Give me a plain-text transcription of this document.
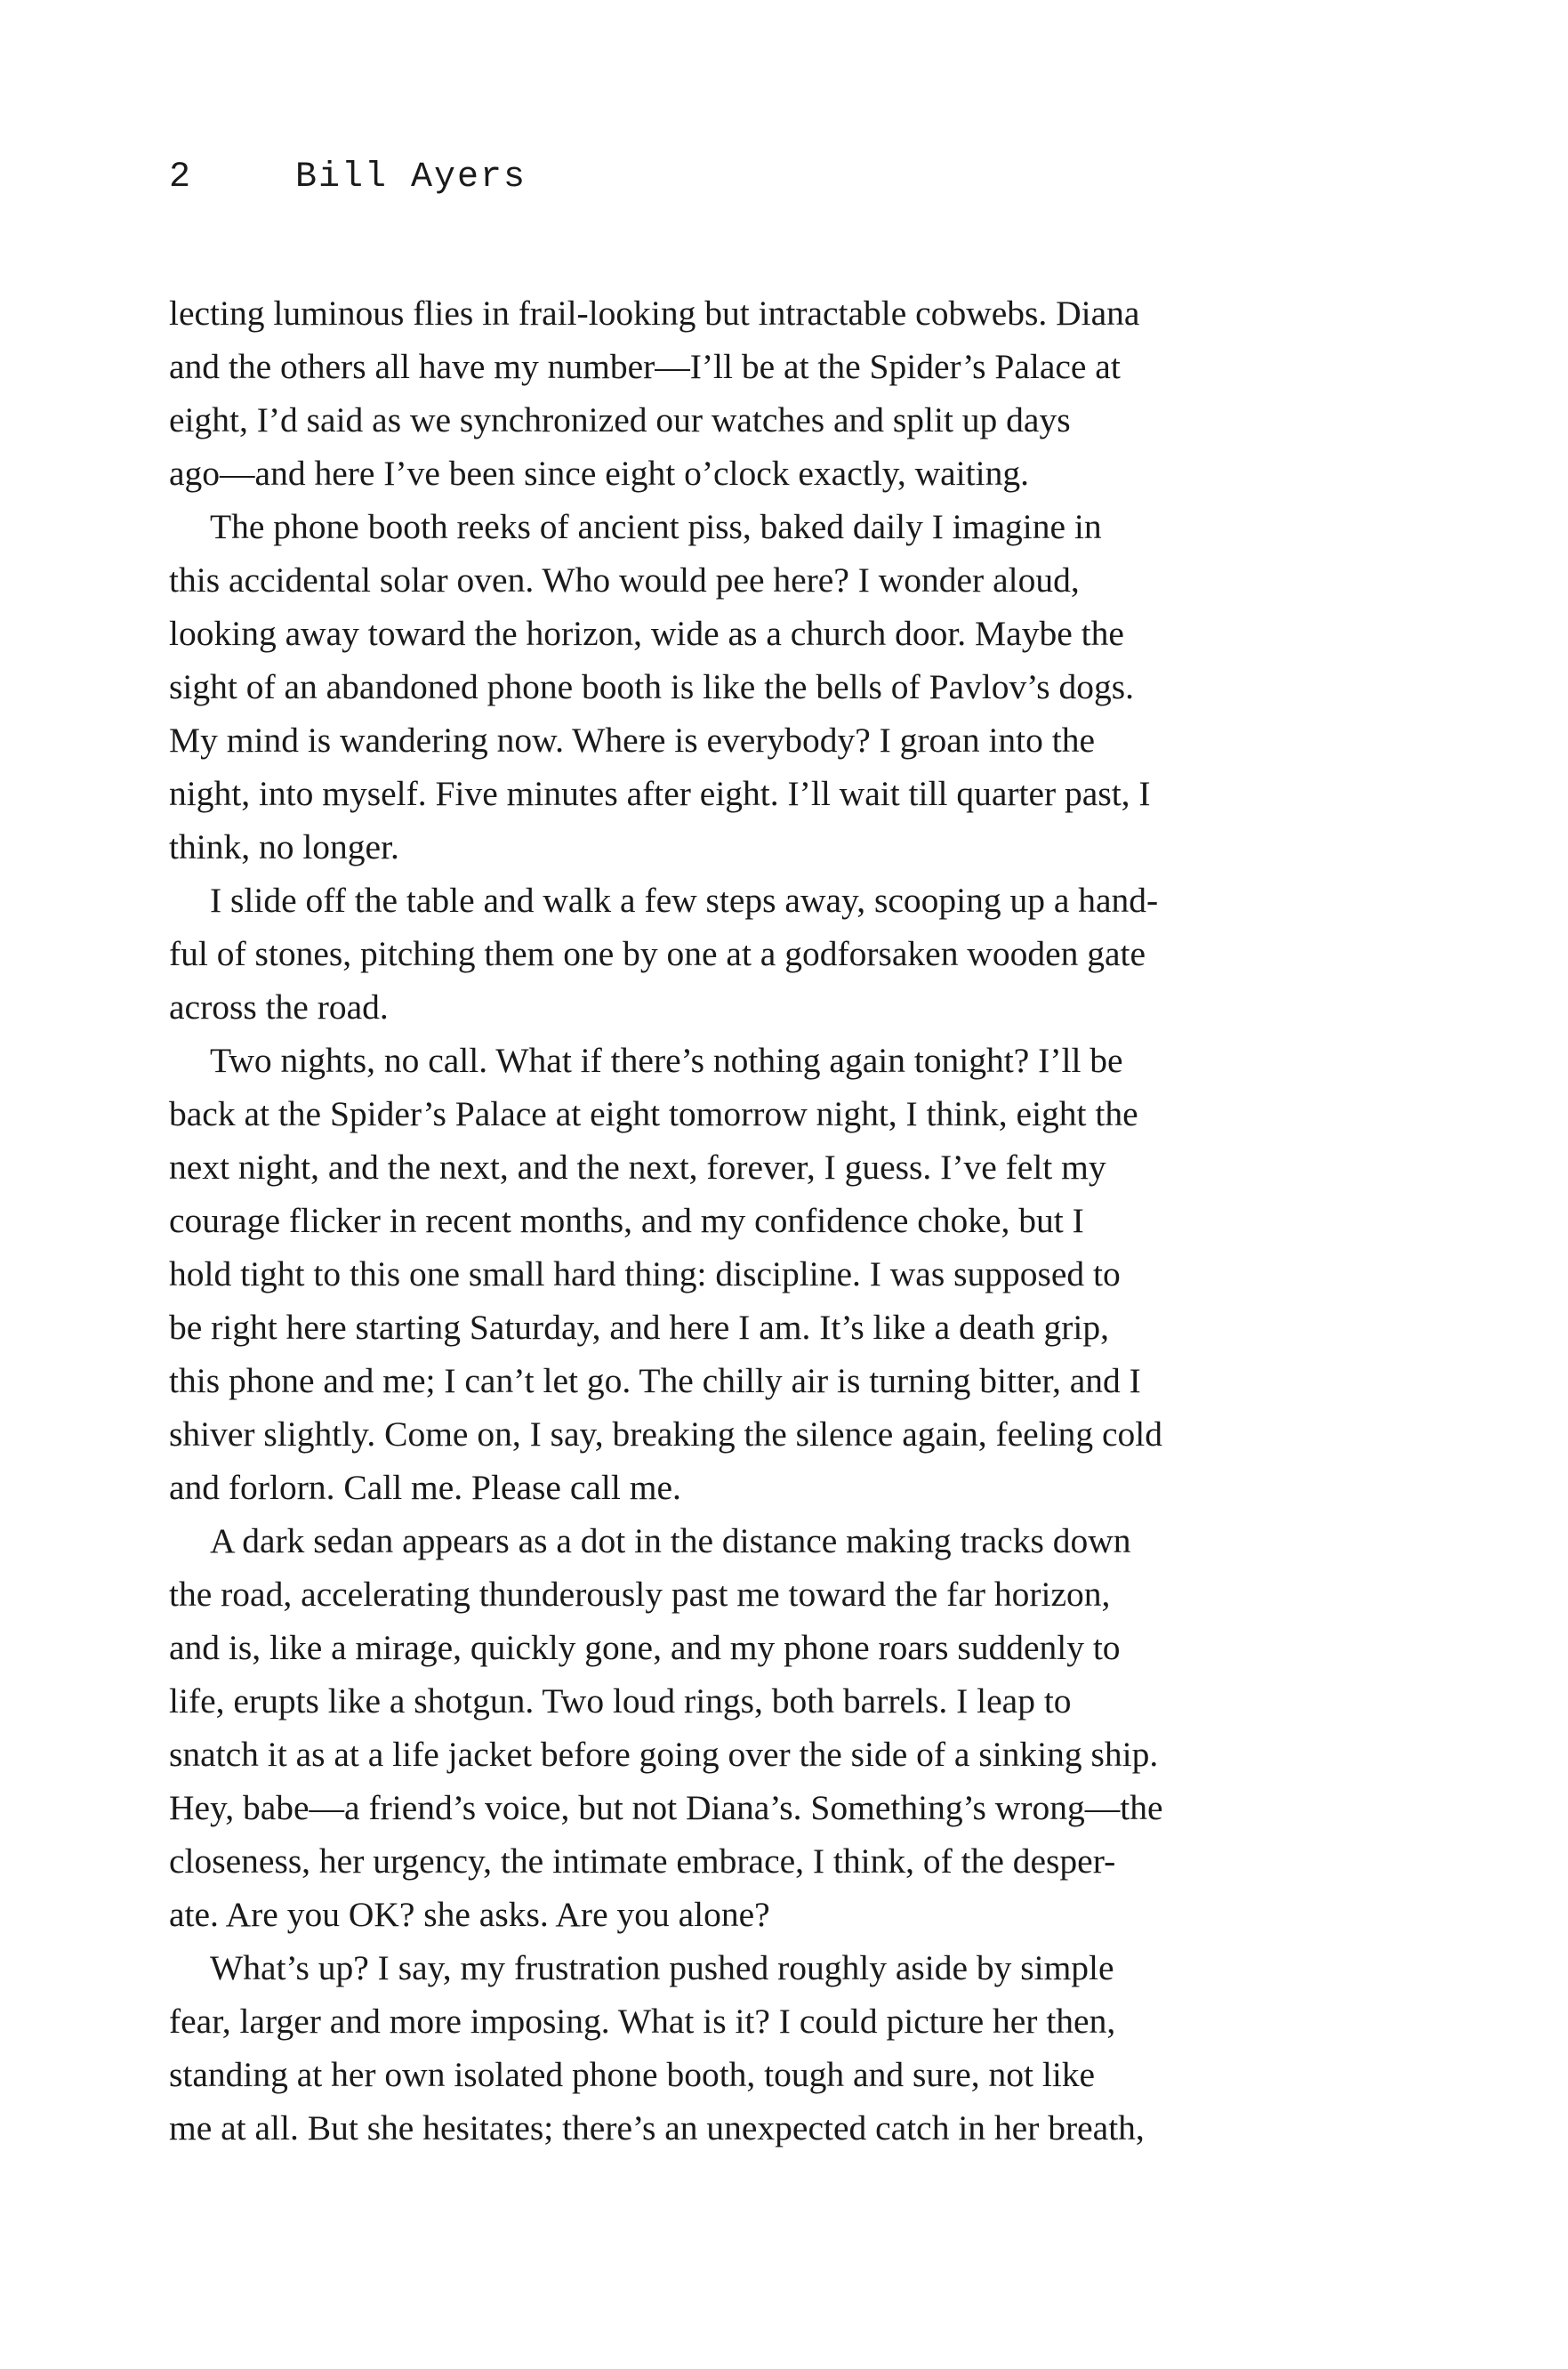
2	Bill Ayers
lecting luminous flies in frail-looking but intractable cobwebs. Diana
and the others all have my number—I’ll be at the Spider’s Palace at
eight, I’d said as we synchronized our watches and split up days
ago—and here I’ve been since eight o’clock exactly, waiting.
The phone booth reeks of ancient piss, baked daily I imagine in
this accidental solar oven. Who would pee here? I wonder aloud,
looking away toward the horizon, wide as a church door. Maybe the
sight of an abandoned phone booth is like the bells of Pavlov’s dogs.
My mind is wandering now. Where is everybody? I groan into the
night, into myself. Five minutes after eight. I’ll wait till quarter past, I
think, no longer.
I slide off the table and walk a few steps away, scooping up a hand-
ful of stones, pitching them one by one at a godforsaken wooden gate
across the road.
Two nights, no call. What if there’s nothing again tonight? I’ll be
back at the Spider’s Palace at eight tomorrow night, I think, eight the
next night, and the next, and the next, forever, I guess. I’ve felt my
courage flicker in recent months, and my confidence choke, but I
hold tight to this one small hard thing: discipline. I was supposed to
be right here starting Saturday, and here I am. It’s like a death grip,
this phone and me; I can’t let go. The chilly air is turning bitter, and I
shiver slightly. Come on, I say, breaking the silence again, feeling cold
and forlorn. Call me. Please call me.
A dark sedan appears as a dot in the distance making tracks down
the road, accelerating thunderously past me toward the far horizon,
and is, like a mirage, quickly gone, and my phone roars suddenly to
life, erupts like a shotgun. Two loud rings, both barrels. I leap to
snatch it as at a life jacket before going over the side of a sinking ship.
Hey, babe—a friend’s voice, but not Diana’s. Something’s wrong—the
closeness, her urgency, the intimate embrace, I think, of the desper-
ate. Are you OK? she asks. Are you alone?
What’s up? I say, my frustration pushed roughly aside by simple
fear, larger and more imposing. What is it? I could picture her then,
standing at her own isolated phone booth, tough and sure, not like
me at all. But she hesitates; there’s an unexpected catch in her breath,
